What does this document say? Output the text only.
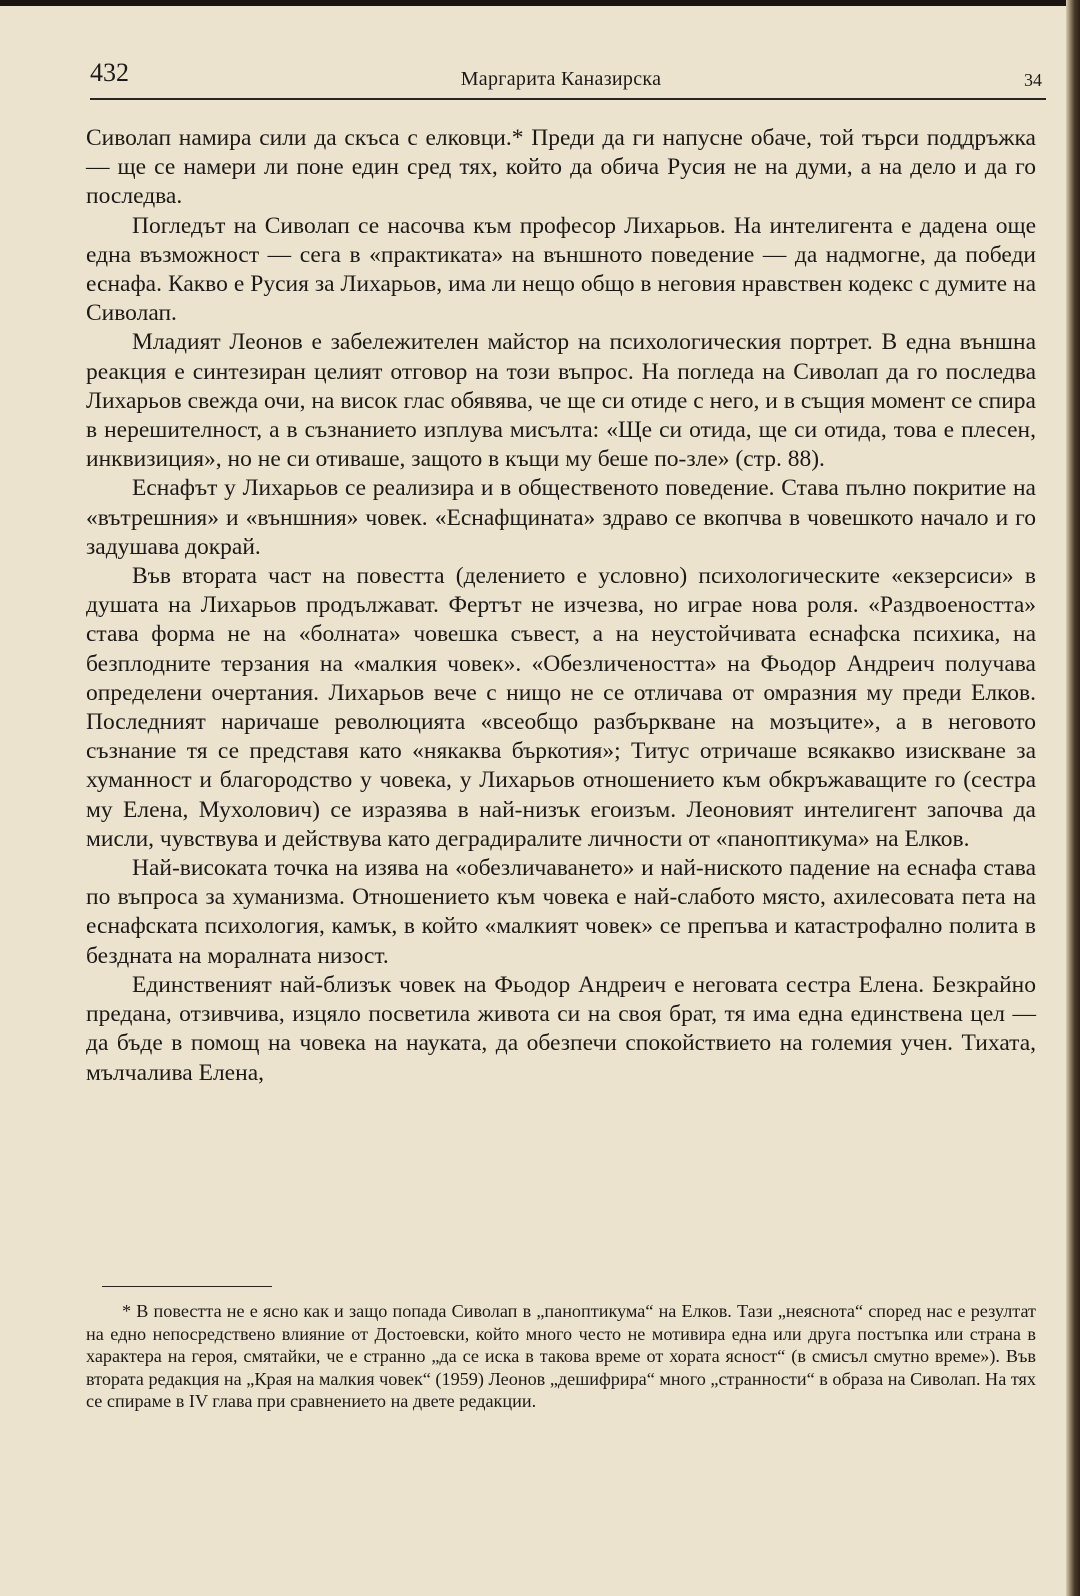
432	Маргарита Каназирска	34

Сиволап намира сили да скъса с елковци.* Преди да ги напусне обаче, той търси поддръжка — ще се намери ли поне един сред тях, който да обича Русия не на думи, а на дело и да го последва.

Погледът на Сиволап се насочва към професор Лихарьов. На интелигента е дадена още една възможност — сега в «практиката» на външното поведение — да надмогне, да победи еснафа. Какво е Русия за Лихарьов, има ли нещо общо в неговия нравствен кодекс с думите на Сиволап.

Младият Леонов е забележителен майстор на психологическия портрет. В една външна реакция е синтезиран целият отговор на този въпрос. На погледа на Сиволап да го последва Лихарьов свежда очи, на висок глас обявява, че ще си отиде с него, и в същия момент се спира в нерешителност, а в съзнанието изплува мисълта: «Ще си отида, ще си отида, това е плесен, инквизиция», но не си отиваше, защото в къщи му беше по-зле» (стр. 88).

Еснафът у Лихарьов се реализира и в общественото поведение. Става пълно покритие на «вътрешния» и «външния» човек. «Еснафщината» здраво се вкопчва в човешкото начало и го задушава докрай.

Във втората част на повестта (делението е условно) психологическите «екзерсиси» в душата на Лихарьов продължават. Фертът не изчезва, но играе нова роля. «Раздвоеността» става форма не на «болната» човешка съвест, а на неустойчивата еснафска психика, на безплодните терзания на «малкия човек». «Обезличеността» на Фьодор Андреич получава определени очертания. Лихарьов вече с нищо не се отличава от омразния му преди Елков. Последният наричаше революцията «всеобщо разбъркване на мозъците», а в неговото съзнание тя се представя като «някаква бъркотия»; Титус отричаше всякакво изискване за хуманност и благородство у човека, у Лихарьов отношението към обкръжаващите го (сестра му Елена, Мухолович) се изразява в най-низък егоизъм. Леоновият интелигент започва да мисли, чувствува и действува като деградиралите личности от «паноптикума» на Елков.

Най-високата точка на изява на «обезличаването» и най-ниското падение на еснафа става по въпроса за хуманизма. Отношението към човека е най-слабото място, ахилесовата пета на еснафската психология, камък, в който «малкият човек» се препъва и катастрофално полита в бездната на моралната низост.

Единственият най-близък човек на Фьодор Андреич е неговата сестра Елена. Безкрайно предана, отзивчива, изцяло посветила живота си на своя брат, тя има една единствена цел — да бъде в помощ на човека на науката, да обезпечи спокойствието на големия учен. Тихата, мълчалива Елена,

* В повестта не е ясно как и защо попада Сиволап в „паноптикума“ на Елков. Тази „неяснота“ според нас е резултат на едно непосредствено влияние от Достоевски, който много често не мотивира една или друга постъпка или страна в характера на героя, смятайки, че е странно „да се иска в такова време от хората ясност“ (в смисъл смутно време»). Във втората редакция на „Края на малкия човек“ (1959) Леонов „дешифрира“ много „странности“ в образа на Сиволап. На тях се спираме в IV глава при сравнението на двете редакции.
